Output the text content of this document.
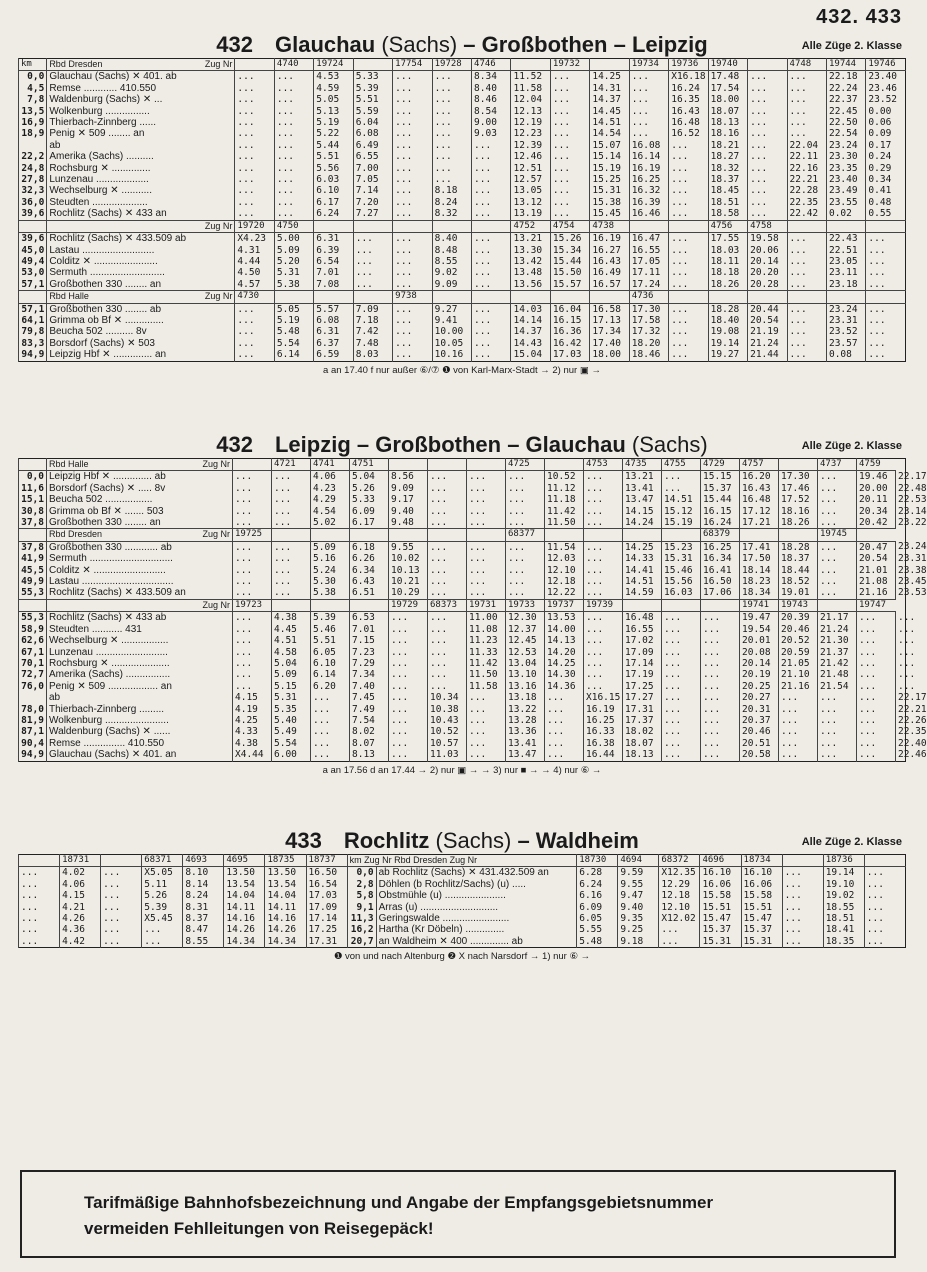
432. 433
432 Glauchau (Sachs) – Großbothen – Leipzig	Alle Züge 2. Klasse
km	Rbd Dresden Zug Nr		4740	19724		17754	19728	4746		19732		19734	19736	19740		4748	19744	19746
0,0	Glauchau (Sachs) ✕ 401. ab	...	...	4.53	5.33	...	...	8.34	11.52	...	14.25	...	X16.18	17.48	...	...	22.18	23.40
4,5	Remse ............ 410.550	...	...	4.59	5.39	...	...	8.40	11.58	...	14.31	...	16.24	17.54	...	...	22.24	23.46
7,8	Waldenburg (Sachs) ✕ ...	...	...	5.05	5.51	...	...	8.46	12.04	...	14.37	...	16.35	18.00	...	...	22.37	23.52
13,5	Wolkenburg ................	...	...	5.13	5.59	...	...	8.54	12.13	...	14.45	...	16.43	18.07	...	...	22.45	0.00
16,9	Thierbach-Zinnberg ......	...	...	5.19	6.04	...	...	9.00	12.19	...	14.51	...	16.48	18.13	...	...	22.50	0.06
18,9	Penig ✕ 509 ........ an	...	...	5.22	6.08	...	...	9.03	12.23	...	14.54	...	16.52	18.16	...	...	22.54	0.09
	ab	...	...	5.44	6.49	...	...	...	12.39	...	15.07	16.08	...	18.21	...	22.04	23.24	0.17
22,2	Amerika (Sachs) ..........	...	...	5.51	6.55	...	...	...	12.46	...	15.14	16.14	...	18.27	...	22.11	23.30	0.24
24,8	Rochsburg ✕ ..............	...	...	5.56	7.00	...	...	...	12.51	...	15.19	16.19	...	18.32	...	22.16	23.35	0.29
27,8	Lunzenau ...................	...	...	6.03	7.05	...	...	...	12.57	...	15.25	16.25	...	18.37	...	22.21	23.40	0.34
32,3	Wechselburg ✕ ...........	...	...	6.10	7.14	...	8.18	...	13.05	...	15.31	16.32	...	18.45	...	22.28	23.49	0.41
36,0	Steudten ....................	...	...	6.17	7.20	...	8.24	...	13.12	...	15.38	16.39	...	18.51	...	22.35	23.55	0.48
39,6	Rochlitz (Sachs) ✕ 433 an	...	...	6.24	7.27	...	8.32	...	13.19	...	15.45	16.46	...	18.58	...	22.42	0.02	0.55

	Zug Nr	19720	4750						4752	4754	4738			4756	4758			
39,6	Rochlitz (Sachs) ✕ 433.509 ab	X4.23	5.00	6.31	...	...	8.40	...	13.21	15.26	16.19	16.47	...	17.55	19.58	...	22.43	...
45,0	Lastau ..........................	4.31	5.09	6.39	...	...	8.48	...	13.30	15.34	16.27	16.55	...	18.03	20.06	...	22.51	...
49,4	Colditz ✕ .......................	4.44	5.20	6.54	...	...	8.55	...	13.42	15.44	16.43	17.05	...	18.11	20.14	...	23.05	...
53,0	Sermuth ...........................	4.50	5.31	7.01	...	...	9.02	...	13.48	15.50	16.49	17.11	...	18.18	20.20	...	23.11	...
57,1	Großbothen 330 ........ an	4.57	5.38	7.08	...	...	9.09	...	13.56	15.57	16.57	17.24	...	18.26	20.28	...	23.18	...
	Rbd Halle Zug Nr	4730				9738						4736						
57,1	Großbothen 330 ........ ab	...	5.05	5.57	7.09	...	9.27	...	14.03	16.04	16.58	17.30	...	18.28	20.44	...	23.24	...
64,1	Grimma ob Bf ✕ ..............	...	5.19	6.08	7.18	...	9.41	...	14.14	16.15	17.13	17.58	...	18.40	20.54	...	23.31	...
79,8	Beucha 502 .......... 8v	...	5.48	6.31	7.42	...	10.00	...	14.37	16.36	17.34	17.32	...	19.08	21.19	...	23.52	...
83,3	Borsdorf (Sachs) ✕ 503	...	5.54	6.37	7.48	...	10.05	...	14.43	16.42	17.40	18.20	...	19.14	21.24	...	23.57	...
94,9	Leipzig Hbf ✕ .............. an	...	6.14	6.59	8.03	...	10.16	...	15.04	17.03	18.00	18.46	...	19.27	21.44	...	0.08	...
a an 17.40 f nur außer ⑥/⑦ ❶ von Karl-Marx-Stadt → 2) nur ▣ →
432 Leipzig – Großbothen – Glauchau (Sachs)	Alle Züge 2. Klasse
	Rbd Halle Zug Nr		4721	4741	4751				4725		4753	4735	4755	4729	4757		4737	4759	
0,0	Leipzig Hbf ✕ .............. ab	...	...	4.06	5.04	8.56	...	...	...	10.52	...	13.21	...	15.15	16.20	17.30	...	19.46	22.17
11,6	Borsdorf (Sachs) ✕ ..... 8v	...	...	4.23	5.26	9.09	...	...	...	11.12	...	13.41	...	15.37	16.43	17.46	...	20.00	22.48
15,1	Beucha 502 .................	...	...	4.29	5.33	9.17	...	...	...	11.18	...	13.47	14.51	15.44	16.48	17.52	...	20.11	22.53
30,8	Grimma ob Bf ✕ ....... 503	...	...	4.54	6.09	9.40	...	...	...	11.42	...	14.15	15.12	16.15	17.12	18.16	...	20.34	23.14
37,8	Großbothen 330 ........ an	...	...	5.02	6.17	9.48	...	...	...	11.50	...	14.24	15.19	16.24	17.21	18.26	...	20.42	23.22
	Rbd Dresden Zug Nr	19725							68377					68379			19745		
37,8	Großbothen 330 ............ ab	...	...	5.09	6.18	9.55	...	...	...	11.54	...	14.25	15.23	16.25	17.41	18.28	...	20.47	23.24
41,9	Sermuth ..............................	...	...	5.16	6.26	10.02	...	...	...	12.03	...	14.33	15.31	16.34	17.50	18.37	...	20.54	23.31
45,5	Colditz ✕ ..........................	...	...	5.24	6.34	10.13	...	...	...	12.10	...	14.41	15.46	16.41	18.14	18.44	...	21.01	23.38
49,9	Lastau .................................	...	...	5.30	6.43	10.21	...	...	...	12.18	...	14.51	15.56	16.50	18.23	18.52	...	21.08	23.45
55,3	Rochlitz (Sachs) ✕ 433.509 an	...	...	5.38	6.51	10.29	...	...	...	12.22	...	14.59	16.03	17.06	18.34	19.01	...	21.16	23.53

	Zug Nr	19723				19729	68373	19731	19733	19737	19739				19741	19743		19747	
55,3	Rochlitz (Sachs) ✕ 433 ab	...	4.38	5.39	6.53	...	...	11.00	12.30	13.53	...	16.48	...	...	19.47	20.39	21.17	...	...
58,9	Steudten ........... 431	...	4.45	5.46	7.01	...	...	11.08	12.37	14.00	...	16.55	...	...	19.54	20.46	21.24	...	...
62,6	Wechselburg ✕ .................	...	4.51	5.51	7.15	...	...	11.23	12.45	14.13	...	17.02	...	...	20.01	20.52	21.30	...	...
67,1	Lunzenau ..........................	...	4.58	6.05	7.23	...	...	11.33	12.53	14.20	...	17.09	...	...	20.08	20.59	21.37	...	...
70,1	Rochsburg ✕ .....................	...	5.04	6.10	7.29	...	...	11.42	13.04	14.25	...	17.14	...	...	20.14	21.05	21.42	...	...
72,7	Amerika (Sachs) ................	...	5.09	6.14	7.34	...	...	11.50	13.10	14.30	...	17.19	...	...	20.19	21.10	21.48	...	...
76,0	Penig ✕ 509 .................. an	...	5.15	6.20	7.40	...	...	11.58	13.16	14.36	...	17.25	...	...	20.25	21.16	21.54	...	...
	ab	4.15	5.31	...	7.45	...	10.34	...	13.18	...	X16.15	17.27	...	...	20.27	...	...	...	22.17
78,0	Thierbach-Zinnberg .........	4.19	5.35	...	7.49	...	10.38	...	13.22	...	16.19	17.31	...	...	20.31	...	...	...	22.21
81,9	Wolkenburg .......................	4.25	5.40	...	7.54	...	10.43	...	13.28	...	16.25	17.37	...	...	20.37	...	...	...	22.26
87,1	Waldenburg (Sachs) ✕ ......	4.33	5.49	...	8.02	...	10.52	...	13.36	...	16.33	18.02	...	...	20.46	...	...	...	22.35
90,4	Remse ............... 410.550	4.38	5.54	...	8.07	...	10.57	...	13.41	...	16.38	18.07	...	...	20.51	...	...	...	22.40
94,9	Glauchau (Sachs) ✕ 401. an	X4.44	6.00	...	8.13	...	11.03	...	13.47	...	16.44	18.13	...	...	20.58	...	...	...	22.46
a an 17.56 d an 17.44 → 2) nur ▣ → → 3) nur ■ → → 4) nur ⑥ →
433 Rochlitz (Sachs) – Waldheim	Alle Züge 2. Klasse
	18731		68371	4693	4695	18735	18737	km Zug Nr Rbd Dresden Zug Nr		18730	4694	68372	4696	18734		18736	
...	4.02	...	X5.05	8.10	13.50	13.50	16.50	0,0	ab Rochlitz (Sachs) ✕ 431.432.509 an	6.28	9.59	X12.35	16.10	16.10	...	19.14	...
...	4.06	...	5.11	8.14	13.54	13.54	16.54	2,8	Döhlen (b Rochlitz/Sachs) (u) .....	6.24	9.55	12.29	16.06	16.06	...	19.10	...
...	4.15	...	5.26	8.24	14.04	14.04	17.03	5,8	Obstmühle (u) ......................	6.16	9.47	12.18	15.58	15.58	...	19.02	...
...	4.21	...	5.39	8.31	14.11	14.11	17.09	9,1	Arras (u) ............................	6.09	9.40	12.10	15.51	15.51	...	18.55	...
...	4.26	...	X5.45	8.37	14.16	14.16	17.14	11,3	Geringswalde ........................	6.05	9.35	X12.02	15.47	15.47	...	18.51	...
...	4.36	...	...	8.47	14.26	14.26	17.25	16,2	Hartha (Kr Döbeln) ..............	5.55	9.25	...	15.37	15.37	...	18.41	...
...	4.42	...	...	8.55	14.34	14.34	17.31	20,7	an Waldheim ✕ 400 .............. ab	5.48	9.18	...	15.31	15.31	...	18.35	...
❶ von und nach Altenburg ❷ X nach Narsdorf → 1) nur ⑥ →
Tarifmäßige Bahnhofsbezeichnung und Angabe der Empfangsgebietsnummer
vermeiden Fehlleitungen von Reisegepäck!
